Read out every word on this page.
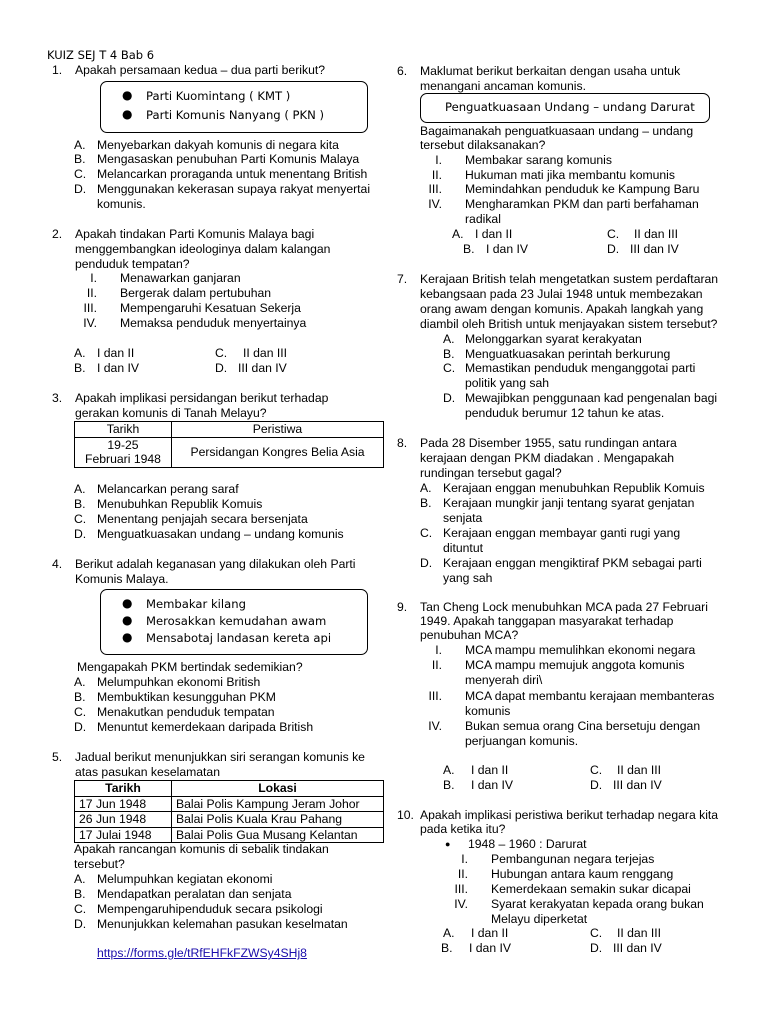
KUIZ SEJ T 4 Bab 6
1. Apakah persamaan kedua – dua parti berikut?
● Parti Kuomintang ( KMT )
● Parti Komunis Nanyang ( PKN )
A. Menyebarkan dakyah komunis di negara kita
B. Mengasaskan penubuhan Parti Komunis Malaya
C. Melancarkan proraganda untuk menentang British
D. Menggunakan kekerasan supaya rakyat menyertai
komunis.
2. Apakah tindakan Parti Komunis Malaya bagi
menggembangkan ideologinya dalam kalangan
penduduk tempatan?
I. Menawarkan ganjaran
II. Bergerak dalam pertubuhan
III. Mempengaruhi Kesatuan Sekerja
IV. Memaksa penduduk menyertainya
A. I dan II	C. II dan III
B. I dan IV	D. III dan IV
3. Apakah implikasi persidangan berikut terhadap
gerakan komunis di Tanah Melayu?
Tarikh	Peristiwa
19-25
Februari 1948	Persidangan Kongres Belia Asia
A. Melancarkan perang saraf
B. Menubuhkan Republik Komuis
C. Menentang penjajah secara bersenjata
D. Menguatkuasakan undang – undang komunis
4. Berikut adalah keganasan yang dilakukan oleh Parti
Komunis Malaya.
● Membakar kilang
● Merosakkan kemudahan awam
● Mensabotaj landasan kereta api
Mengapakah PKM bertindak sedemikian?
A. Melumpuhkan ekonomi British
B. Membuktikan kesungguhan PKM
C. Menakutkan penduduk tempatan
D. Menuntut kemerdekaan daripada British
5. Jadual berikut menunjukkan siri serangan komunis ke
atas pasukan keselamatan
Tarikh	Lokasi
17 Jun 1948	Balai Polis Kampung Jeram Johor
26 Jun 1948	Balai Polis Kuala Krau Pahang
17 Julai 1948	Balai Polis Gua Musang Kelantan
Apakah rancangan komunis di sebalik tindakan
tersebut?
A. Melumpuhkan kegiatan ekonomi
B. Mendapatkan peralatan dan senjata
C. Mempengaruhipenduduk secara psikologi
D. Menunjukkan kelemahan pasukan keselmatan
https://forms.gle/tRfEHFkFZWSy4SHj8
6. Maklumat berikut berkaitan dengan usaha untuk
menangani ancaman komunis.
Penguatkuasaan Undang – undang Darurat
Bagaimanakah penguatkuasaan undang – undang
tersebut dilaksanakan?
I. Membakar sarang komunis
II. Hukuman mati jika membantu komunis
III. Memindahkan penduduk ke Kampung Baru
IV. Mengharamkan PKM dan parti berfahaman
radikal
A. I dan II	C. II dan III
B. I dan IV	D. III dan IV
7. Kerajaan British telah mengetatkan sustem perdaftaran
kebangsaan pada 23 Julai 1948 untuk membezakan
orang awam dengan komunis. Apakah langkah yang
diambil oleh British untuk menjayakan sistem tersebut?
A. Melonggarkan syarat kerakyatan
B. Menguatkuasakan perintah berkurung
C. Memastikan penduduk menganggotai parti
politik yang sah
D. Mewajibkan penggunaan kad pengenalan bagi
penduduk berumur 12 tahun ke atas.
8. Pada 28 Disember 1955, satu rundingan antara
kerajaan dengan PKM diadakan . Mengapakah
rundingan tersebut gagal?
A. Kerajaan enggan menubuhkan Republik Komuis
B. Kerajaan mungkir janji tentang syarat genjatan
senjata
C. Kerajaan enggan membayar ganti rugi yang
dituntut
D. Kerajaan enggan mengiktiraf PKM sebagai parti
yang sah
9. Tan Cheng Lock menubuhkan MCA pada 27 Februari
1949. Apakah tanggapan masyarakat terhadap
penubuhan MCA?
I. MCA mampu memulihkan ekonomi negara
II. MCA mampu memujuk anggota komunis
menyerah diri\
III. MCA dapat membantu kerajaan membanteras
komunis
IV. Bukan semua orang Cina bersetuju dengan
perjuangan komunis.
A. I dan II	C. II dan III
B. I dan IV	D. III dan IV
10. Apakah implikasi peristiwa berikut terhadap negara kita
pada ketika itu?
● 1948 – 1960 : Darurat
I. Pembangunan negara terjejas
II. Hubungan antara kaum renggang
III. Kemerdekaan semakin sukar dicapai
IV. Syarat kerakyatan kepada orang bukan
Melayu diperketat
A. I dan II	C. II dan III
B. I dan IV	D. III dan IV
